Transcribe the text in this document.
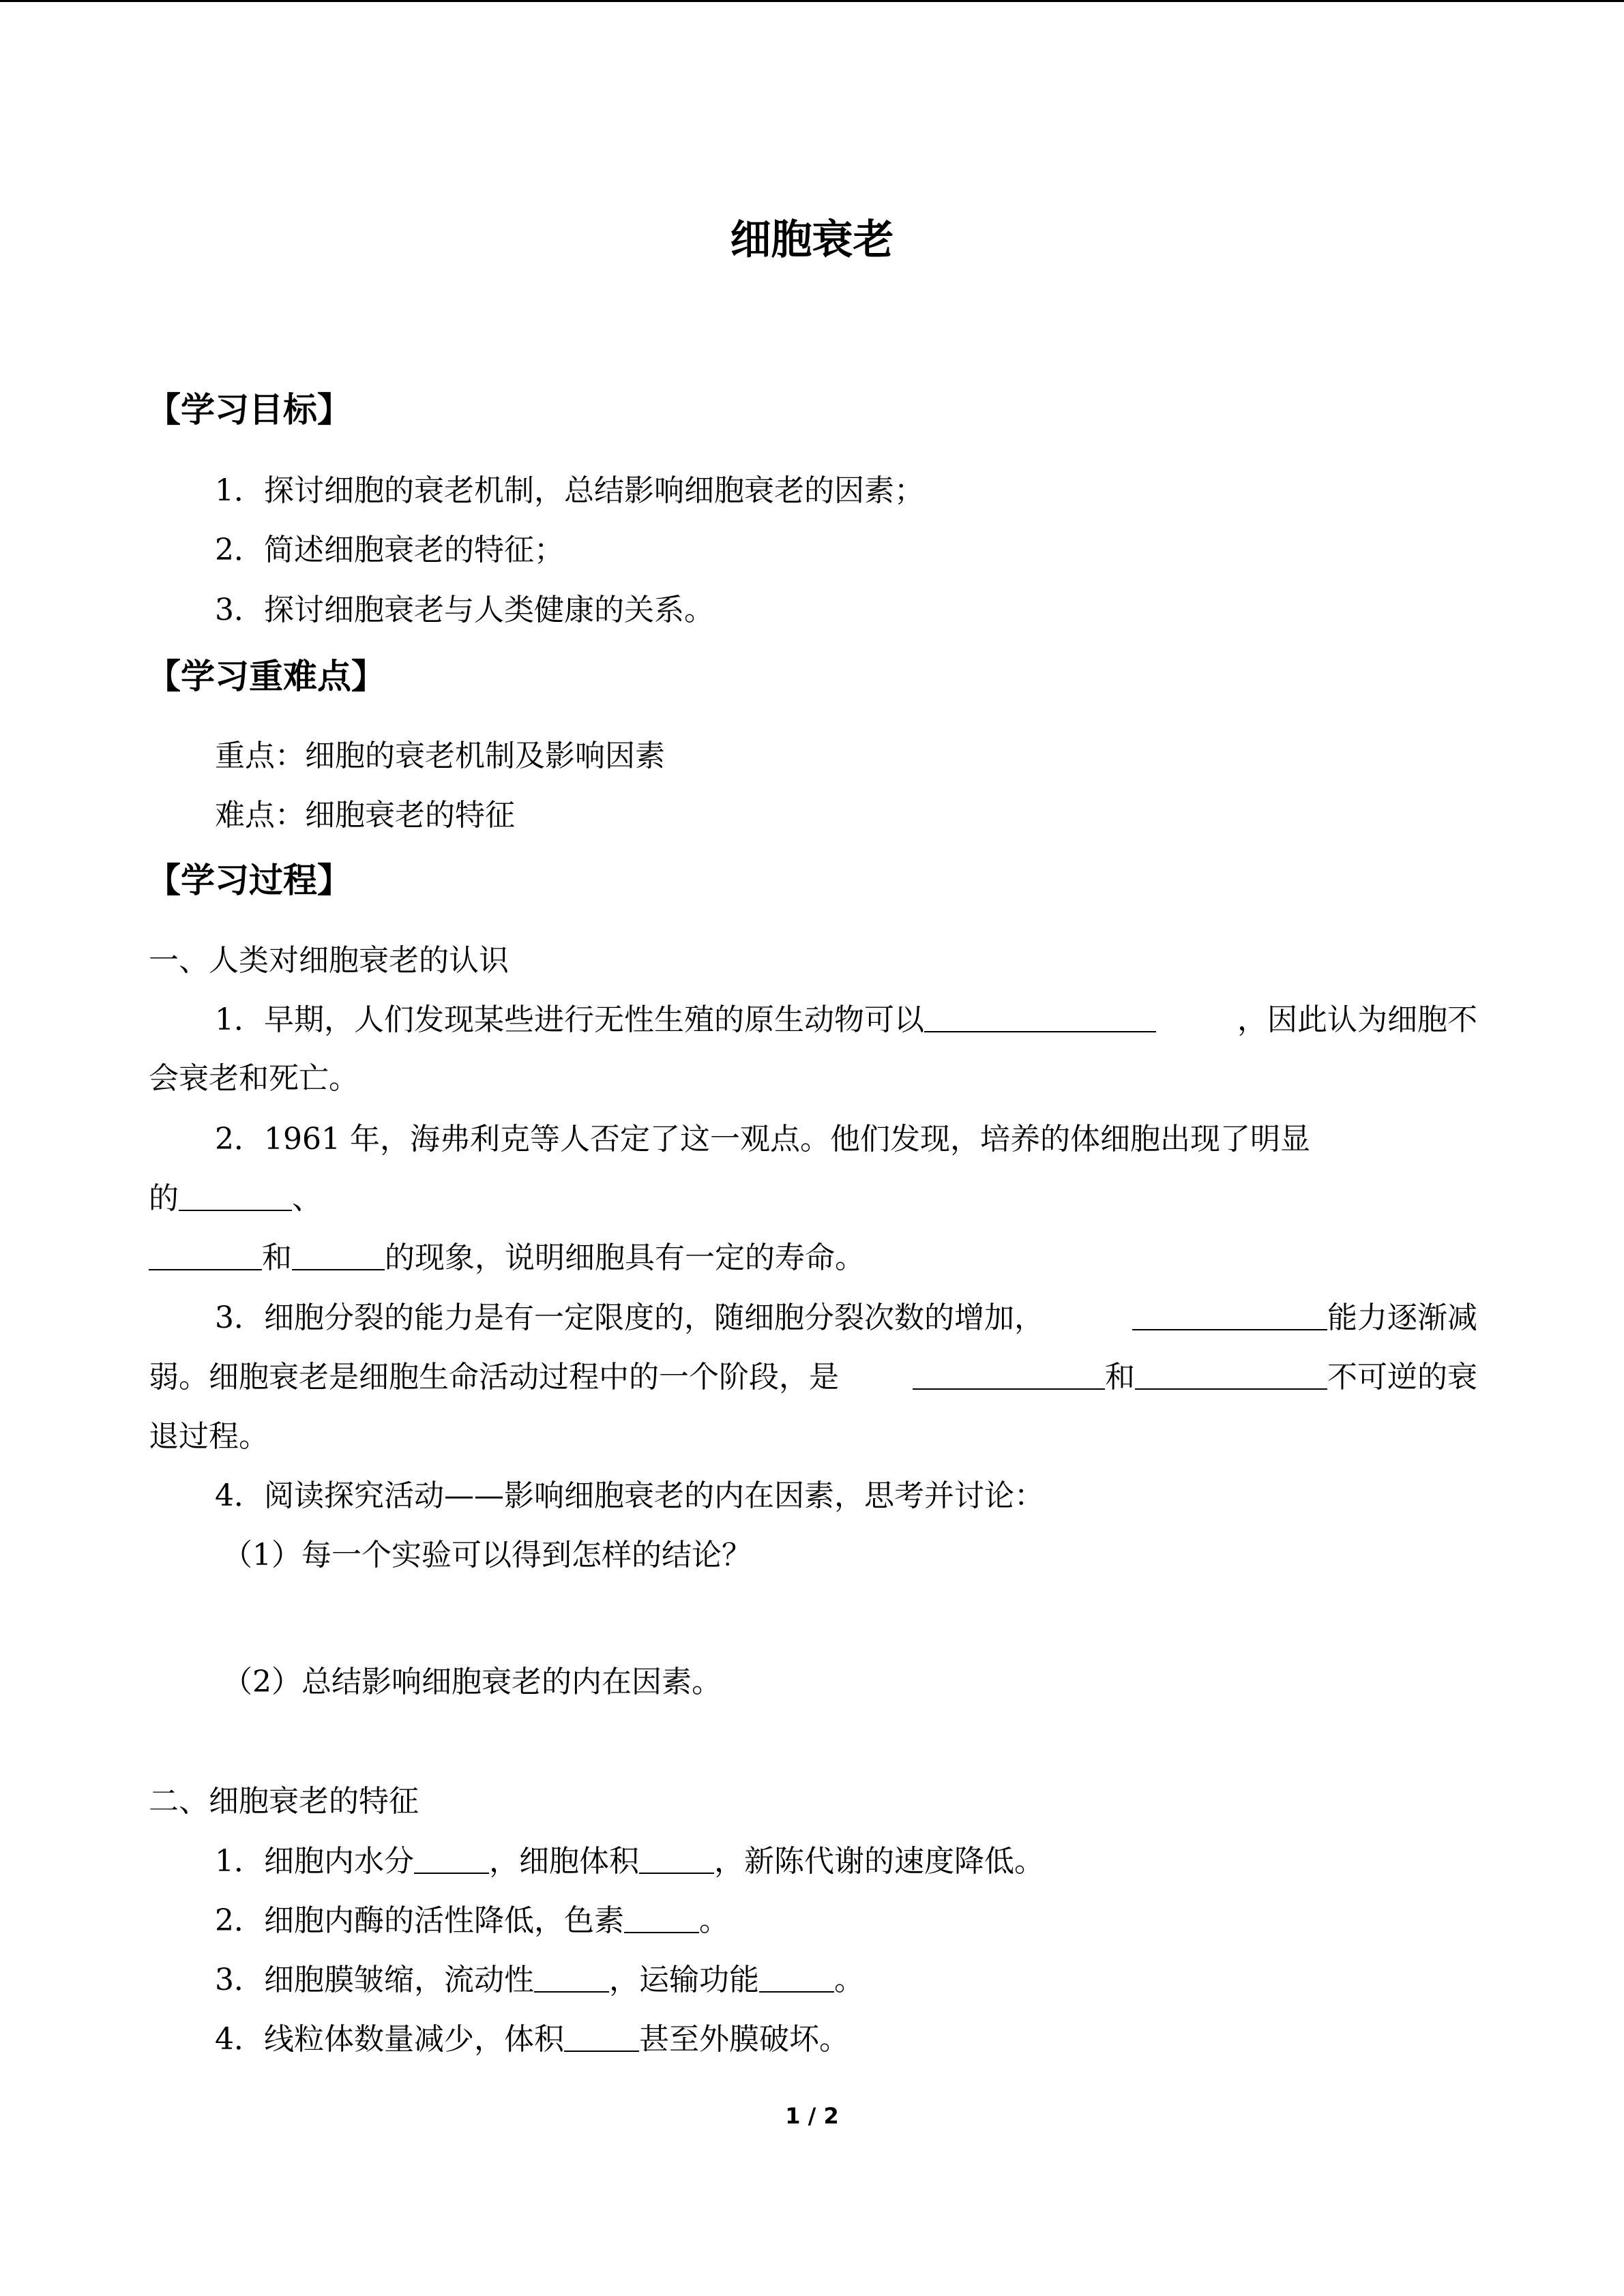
细胞衰老
【学习目标】
1．探讨细胞的衰老机制，总结影响细胞衰老的因素；
2．简述细胞衰老的特征；
3．探讨细胞衰老与人类健康的关系。
【学习重难点】
重点：细胞的衰老机制及影响因素
难点：细胞衰老的特征
【学习过程】
一、人类对细胞衰老的认识
1．早期，人们发现某些进行无性生殖的原生动物可以	，因此认为细胞不
会衰老和死亡。
2．1961 年，海弗利克等人否定了这一观点。他们发现，培养的体细胞出现了明显
的	、
和	的现象，说明细胞具有一定的寿命。
3．细胞分裂的能力是有一定限度的，随细胞分裂次数的增加，	能力逐渐减
弱。细胞衰老是细胞生命活动过程中的一个阶段，是	和	不可逆的衰
退过程。
4．阅读探究活动——影响细胞衰老的内在因素，思考并讨论：
（1）每一个实验可以得到怎样的结论？
（2）总结影响细胞衰老的内在因素。
二、细胞衰老的特征
1．细胞内水分	，细胞体积	，新陈代谢的速度降低。
2．细胞内酶的活性降低，色素	。
3．细胞膜皱缩，流动性	，运输功能	。
4．线粒体数量减少，体积	甚至外膜破坏。
1 / 2
